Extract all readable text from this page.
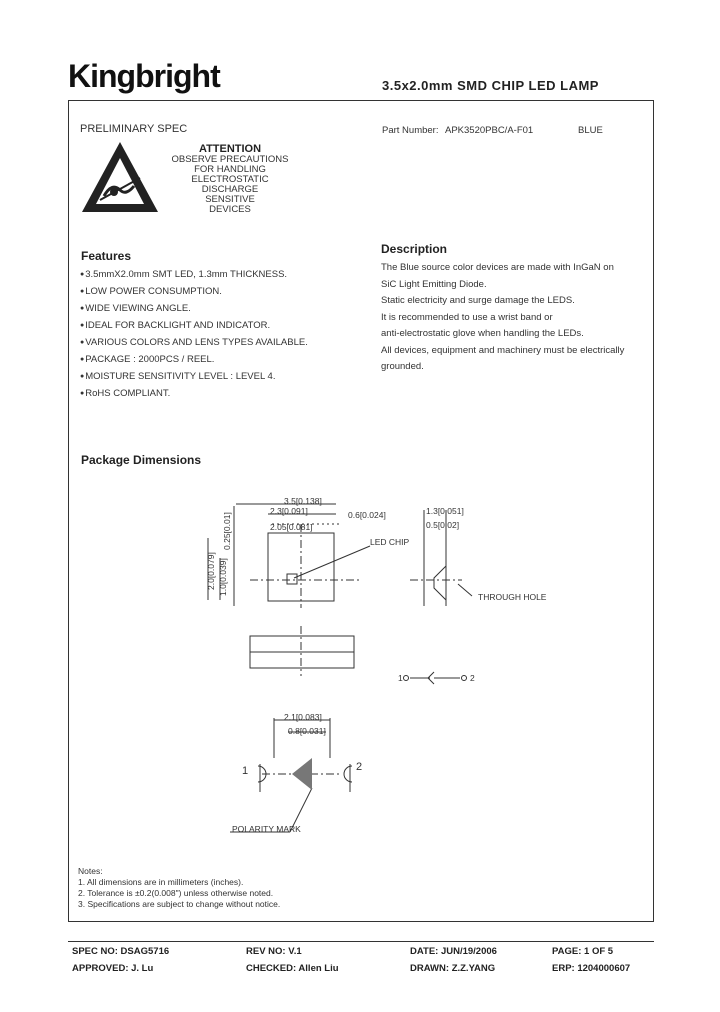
Kingbright	3.5x2.0mm SMD CHIP LED LAMP
PRELIMINARY SPEC	Part Number: APK3520PBC/A-F01	BLUE
ATTENTION
OBSERVE PRECAUTIONS
FOR HANDLING
ELECTROSTATIC
DISCHARGE
SENSITIVE
DEVICES
Features
● 3.5mmX2.0mm SMT LED, 1.3mm THICKNESS.
● LOW POWER CONSUMPTION.
● WIDE VIEWING ANGLE.
● IDEAL FOR BACKLIGHT AND INDICATOR.
● VARIOUS COLORS AND LENS TYPES AVAILABLE.
● PACKAGE : 2000PCS / REEL.
● MOISTURE SENSITIVITY LEVEL : LEVEL 4.
● RoHS COMPLIANT.
Description
The Blue source color devices are made with InGaN on
SiC Light Emitting Diode.
Static electricity and surge damage the LEDS.
It is recommended to use a wrist band or
anti-electrostatic glove when handling the LEDs.
All devices, equipment and machinery must be electrically
grounded.
Package Dimensions
3.5[0.138]
2.3[0.091]
2.05[0.081]
0.6[0.024]	1.3[0.051]
0.5[0.02]
LED CHIP
THROUGH HOLE
2.1[0.083]
0.8[0.031]
POLARITY MARK
1	2
2.0[0.079] 1.0[0.039]
0.25[0.01]
1	2
Notes:
1. All dimensions are in millimeters (inches).
2. Tolerance is ±0.2(0.008") unless otherwise noted.
3. Specifications are subject to change without notice.
SPEC NO: DSAG5716	REV NO: V.1	DATE: JUN/19/2006	PAGE: 1 OF 5
APPROVED: J. Lu	CHECKED: Allen Liu	DRAWN: Z.Z.YANG	ERP: 1204000607
